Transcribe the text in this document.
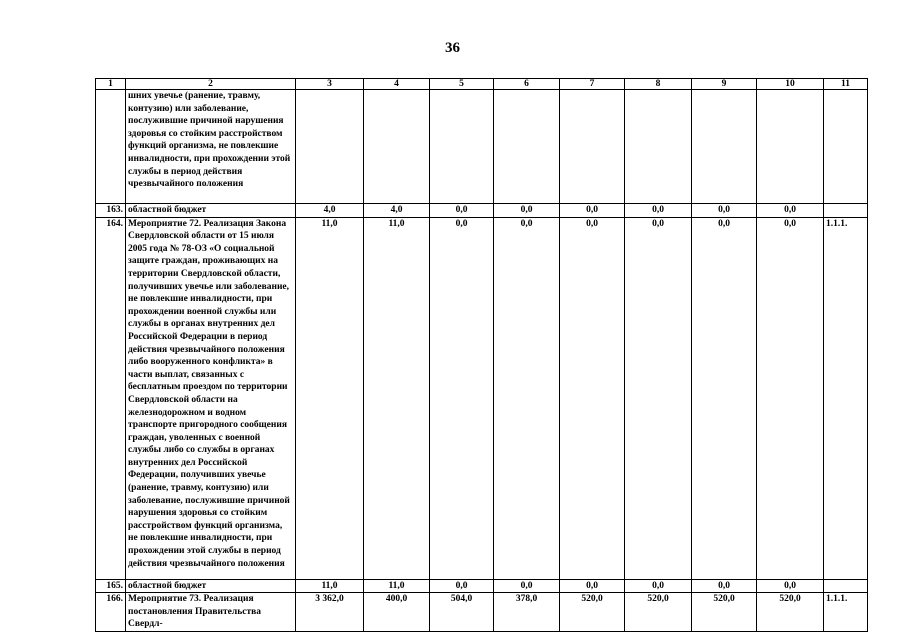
36
1	2	3	4	5	6	7	8	9	10	11
	шних увечье (ранение, травму, контузию) или заболевание, послужившие причиной нарушения здоровья со стойким расстройством функций организма, не повлекшие инвалидности, при прохождении этой службы в период действия чрезвычайного положения									
163.	областной бюджет	4,0	4,0	0,0	0,0	0,0	0,0	0,0	0,0	
164.	Мероприятие 72. Реализация Закона Свердловской области от 15 июля 2005 года № 78-ОЗ «О социальной защите граждан, проживающих на территории Свердловской области, получивших увечье или заболевание, не повлекшие инвалидности, при прохождении военной службы или службы в органах внутренних дел Российской Федерации в период действия чрезвычайного положения либо вооруженного конфликта» в части выплат, связанных с бесплатным проездом по территории Свердловской области на железнодорожном и водном транспорте пригородного сообщения граждан, уволенных с военной службы либо со службы в органах внутренних дел Российской Федерации, получивших увечье (ранение, травму, контузию) или заболевание, послужившие причиной нарушения здоровья со стойким расстройством функций организма, не повлекшие инвалидности, при прохождении этой службы в период действия чрезвычайного положения	11,0	11,0	0,0	0,0	0,0	0,0	0,0	0,0	1.1.1.
165.	областной бюджет	11,0	11,0	0,0	0,0	0,0	0,0	0,0	0,0	
166.	Мероприятие 73. Реализация постановления Правительства Свердл-	3 362,0	400,0	504,0	378,0	520,0	520,0	520,0	520,0	1.1.1.
